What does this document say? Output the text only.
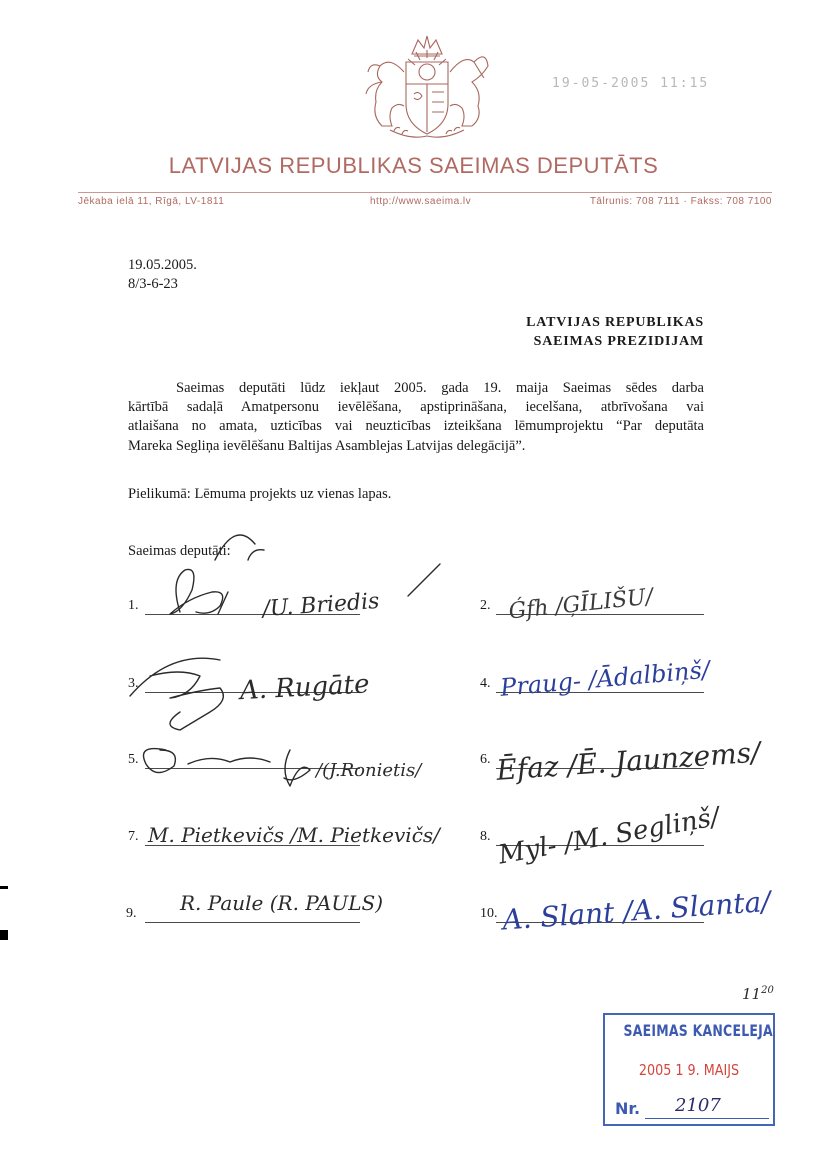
19-05-2005 11:15
LATVIJAS REPUBLIKAS SAEIMAS DEPUTĀTS
Jēkaba ielā 11, Rīgā, LV-1811	http://www.saeima.lv	Tālrunis: 708 7111 · Fakss: 708 7100
19.05.2005.
8/3-6-23
LATVIJAS REPUBLIKAS
SAEIMAS PREZIDIJAM
Saeimas deputāti lūdz iekļaut 2005. gada 19. maija Saeimas sēdes darba
kārtībā sadaļā Amatpersonu ievēlēšana, apstiprināšana, iecelšana, atbrīvošana vai
atlaišana no amata, uzticības vai neuzticības izteikšana lēmumprojektu “Par deputāta
Mareka Segliņa ievēlēšanu Baltijas Asamblejas Latvijas delegācijā”.
Pielikumā: Lēmuma projekts uz vienas lapas.
Saeimas deputāti:
1.
3.
5.
7.
9.
2.
4.
6.
8.
10.
/U. Briedis
A. Rugāte
/(J.Ronietis/
M. Pietkevičs /M. Pietkevičs/
R. Paule (R. PAULS)
Ǵfh /ĢĪLIŠU/
Praug- /Ādalbiņš/
Ēfaz /Ē. Jaunzems/
Myl- /M. Segliņš/
A. Slant /A. Slanta/
$11^{20}$
SAEIMAS KANCELEJA
2005 1 9. MAIJS
Nr. 2107
